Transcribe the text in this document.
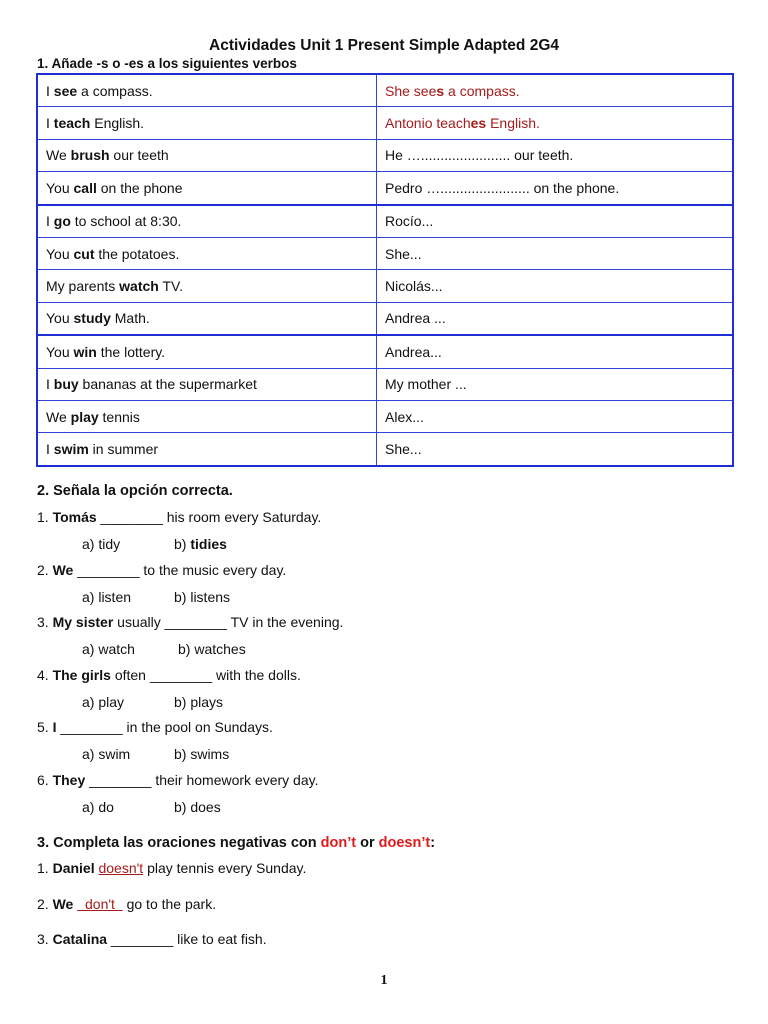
Actividades Unit 1 Present Simple Adapted 2G4
1. Añade -s o -es a los siguientes verbos
I see a compass.	She sees a compass.
I teach English.	Antonio teaches English.
We brush our teeth	He …....................... our teeth.
You call on the phone	Pedro …....................... on the phone.
I go to school at 8:30.	Rocío...
You cut the potatoes.	She...
My parents watch TV.	Nicolás...
You study Math.	Andrea ...
You win the lottery.	Andrea...
I buy bananas at the supermarket	My mother ...
We play tennis	Alex...
I swim in summer	She...
2. Señala la opción correcta.
1. Tomás ________ his room every Saturday.
a) tidy	b) tidies
2. We ________ to the music every day.
a) listen	b) listens
3. My sister usually ________ TV in the evening.
a) watch	b) watches
4. The girls often ________ with the dolls.
a) play	b) plays
5. I ________ in the pool on Sundays.
a) swim	b) swims
6. They ________ their homework every day.
a) do	b) does
3. Completa las oraciones negativas con don’t or doesn’t:
1. Daniel doesn't play tennis every Sunday.
2. We   don't   go to the park.
3. Catalina ________ like to eat fish.
1
